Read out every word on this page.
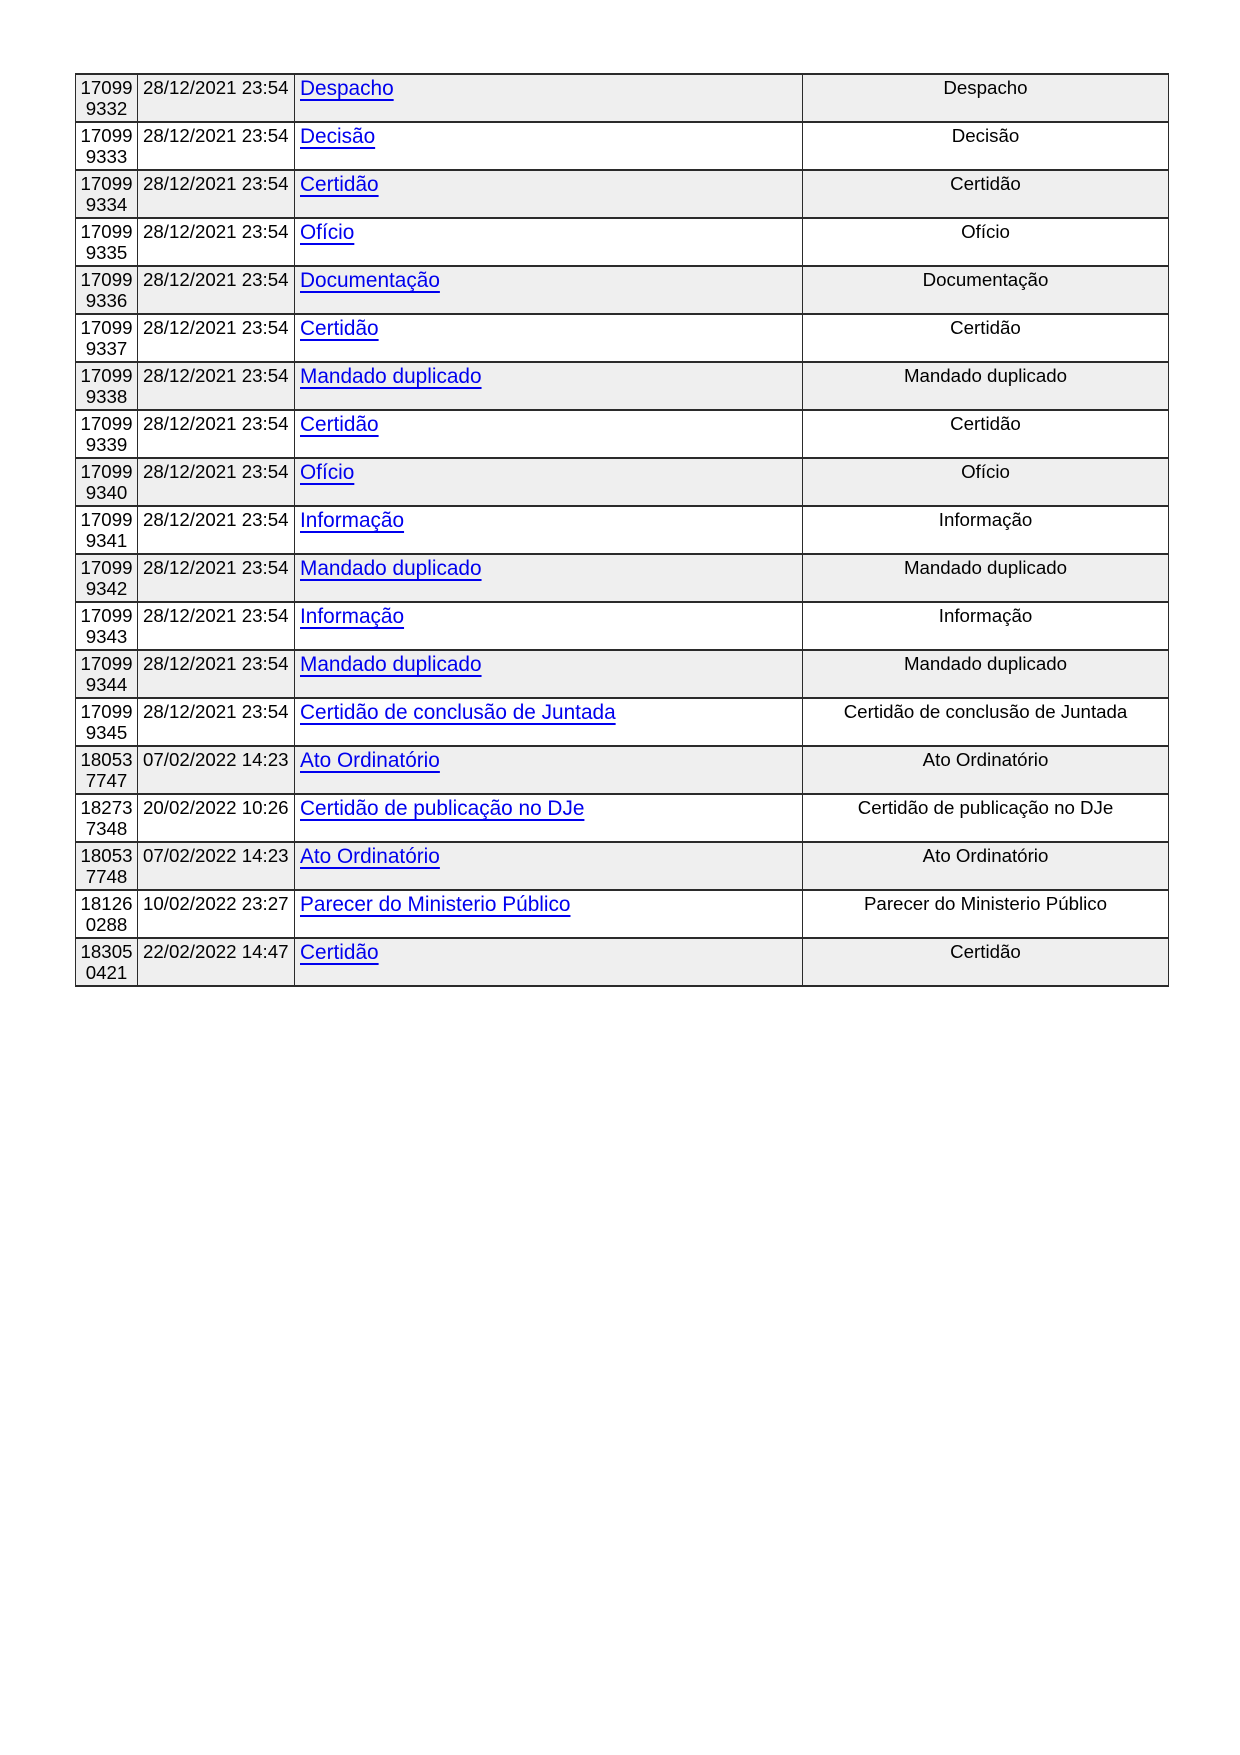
17099
9332	28/12/2021 23:54	Despacho	Despacho

17099
9333	28/12/2021 23:54	Decisão	Decisão

17099
9334	28/12/2021 23:54	Certidão	Certidão

17099
9335	28/12/2021 23:54	Ofício	Ofício

17099
9336	28/12/2021 23:54	Documentação	Documentação

17099
9337	28/12/2021 23:54	Certidão	Certidão

17099
9338	28/12/2021 23:54	Mandado duplicado	Mandado duplicado

17099
9339	28/12/2021 23:54	Certidão	Certidão

17099
9340	28/12/2021 23:54	Ofício	Ofício

17099
9341	28/12/2021 23:54	Informação	Informação

17099
9342	28/12/2021 23:54	Mandado duplicado	Mandado duplicado

17099
9343	28/12/2021 23:54	Informação	Informação

17099
9344	28/12/2021 23:54	Mandado duplicado	Mandado duplicado

17099
9345	28/12/2021 23:54	Certidão de conclusão de Juntada	Certidão de conclusão de Juntada

18053
7747	07/02/2022 14:23	Ato Ordinatório	Ato Ordinatório

18273
7348	20/02/2022 10:26	Certidão de publicação no DJe	Certidão de publicação no DJe

18053
7748	07/02/2022 14:23	Ato Ordinatório	Ato Ordinatório

18126
0288	10/02/2022 23:27	Parecer do Ministerio Público	Parecer do Ministerio Público

18305
0421	22/02/2022 14:47	Certidão	Certidão
